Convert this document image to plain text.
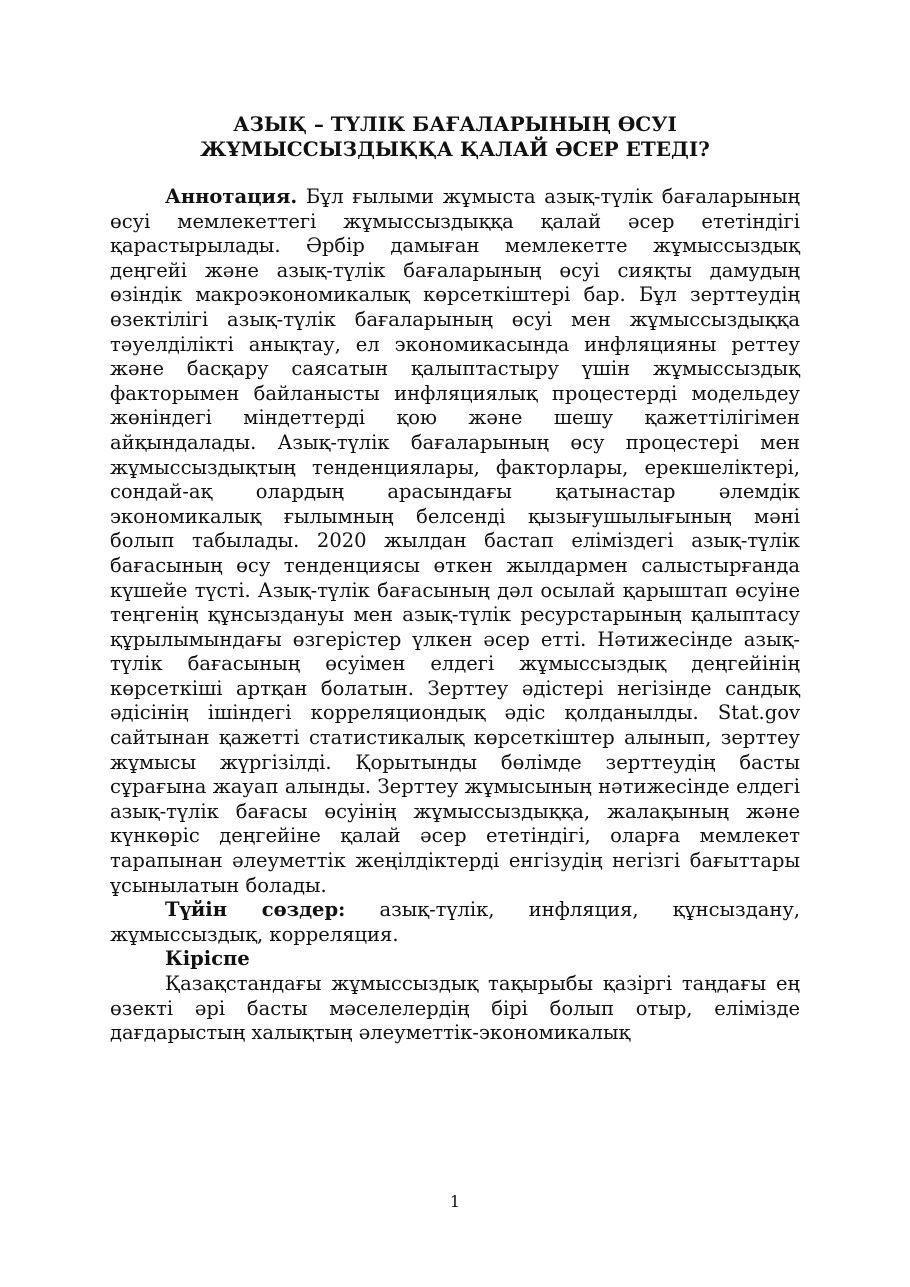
АЗЫҚ – ТҮЛІК БАҒАЛАРЫНЫҢ ӨСУІ
ЖҰМЫССЫЗДЫҚҚА ҚАЛАЙ ӘСЕР ЕТЕДІ?

Аннотация. Бұл ғылыми жұмыста азық-түлік бағаларының өсуі мемлекеттегі жұмыссыздыққа қалай әсер ететіндігі қарастырылады. Әрбір дамыған мемлекетте жұмыссыздық деңгейі және азық-түлік бағаларының өсуі сияқты дамудың өзіндік макроэкономикалық көрсеткіштері бар. Бұл зерттеудің өзектілігі азық-түлік бағаларының өсуі мен жұмыссыздыққа тәуелділікті анықтау, ел экономикасында инфляцияны реттеу және басқару саясатын қалыптастыру үшін жұмыссыздық факторымен байланысты инфляциялық процестерді модельдеу жөніндегі міндеттерді қою және шешу қажеттілігімен айқындалады. Азық-түлік бағаларының өсу процестері мен жұмыссыздықтың тенденциялары, факторлары, ерекшеліктері, сондай-ақ олардың арасындағы қатынастар әлемдік экономикалық ғылымның белсенді қызығушылығының мәні болып табылады. 2020 жылдан бастап еліміздегі азық-түлік бағасының өсу тенденциясы өткен жылдармен салыстырғанда күшейе түсті. Азық-түлік бағасының дәл осылай қарыштап өсуіне теңгенің құнсыздануы мен азық-түлік ресурстарының қалыптасу құрылымындағы өзгерістер үлкен әсер етті. Нәтижесінде азық-түлік бағасының өсуімен елдегі жұмыссыздық деңгейінің көрсеткіші артқан болатын. Зерттеу әдістері негізінде сандық әдісінің ішіндегі корреляциондық әдіс қолданылды. Stat.gov сайтынан қажетті статистикалық көрсеткіштер алынып, зерттеу жұмысы жүргізілді. Қорытынды бөлімде зерттеудің басты сұрағына жауап алынды. Зерттеу жұмысының нәтижесінде елдегі азық-түлік бағасы өсуінің жұмыссыздыққа, жалақының және күнкөріс деңгейіне қалай әсер ететіндігі, оларға мемлекет тарапынан әлеуметтік жеңілдіктерді енгізудің негізгі бағыттары ұсынылатын болады.

Түйін сөздер: азық-түлік, инфляция, құнсыздану, жұмыссыздық, корреляция.

Кіріспе

Қазақстандағы жұмыссыздық тақырыбы қазіргі таңдағы ең өзекті әрі басты мәселелердің бірі болып отыр, елімізде дағдарыстың халықтың әлеуметтік-экономикалық

1
